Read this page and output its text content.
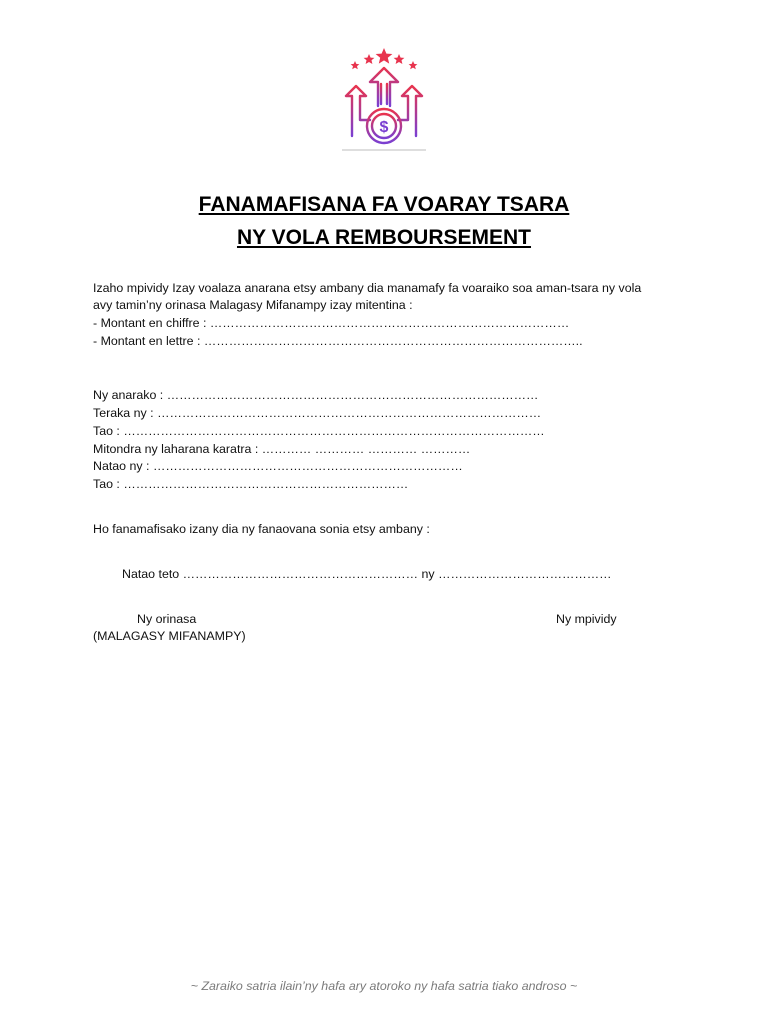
$
FANAMAFISANA FA VOARAY TSARA
NY VOLA REMBOURSEMENT
Izaho mpividy Izay voalaza anarana etsy ambany dia manamafy fa voaraiko soa aman-tsara ny vola
avy tamin’ny orinasa Malagasy Mifanampy izay mitentina :
- Montant en chiffre : ……………………………………………………………………………
- Montant en lettre : ………………………………………………………………………………..
Ny anarako : ………………………………………………………………………………
Teraka ny : …………………………………………………………………………………
Tao : …………………………………………………………………………………………
Mitondra ny laharana karatra : ………… ………… ………… …………
Natao ny : …………………………………………………………………
Tao : ……………………………………………………………
Ho fanamafisako izany dia ny fanaovana sonia etsy ambany :
Natao teto ………………………………………………… ny ……………………………………
Ny orinasa
(MALAGASY MIFANAMPY)
Ny mpividy
~ Zaraiko satria ilain’ny hafa ary atoroko ny hafa satria tiako androso ~
